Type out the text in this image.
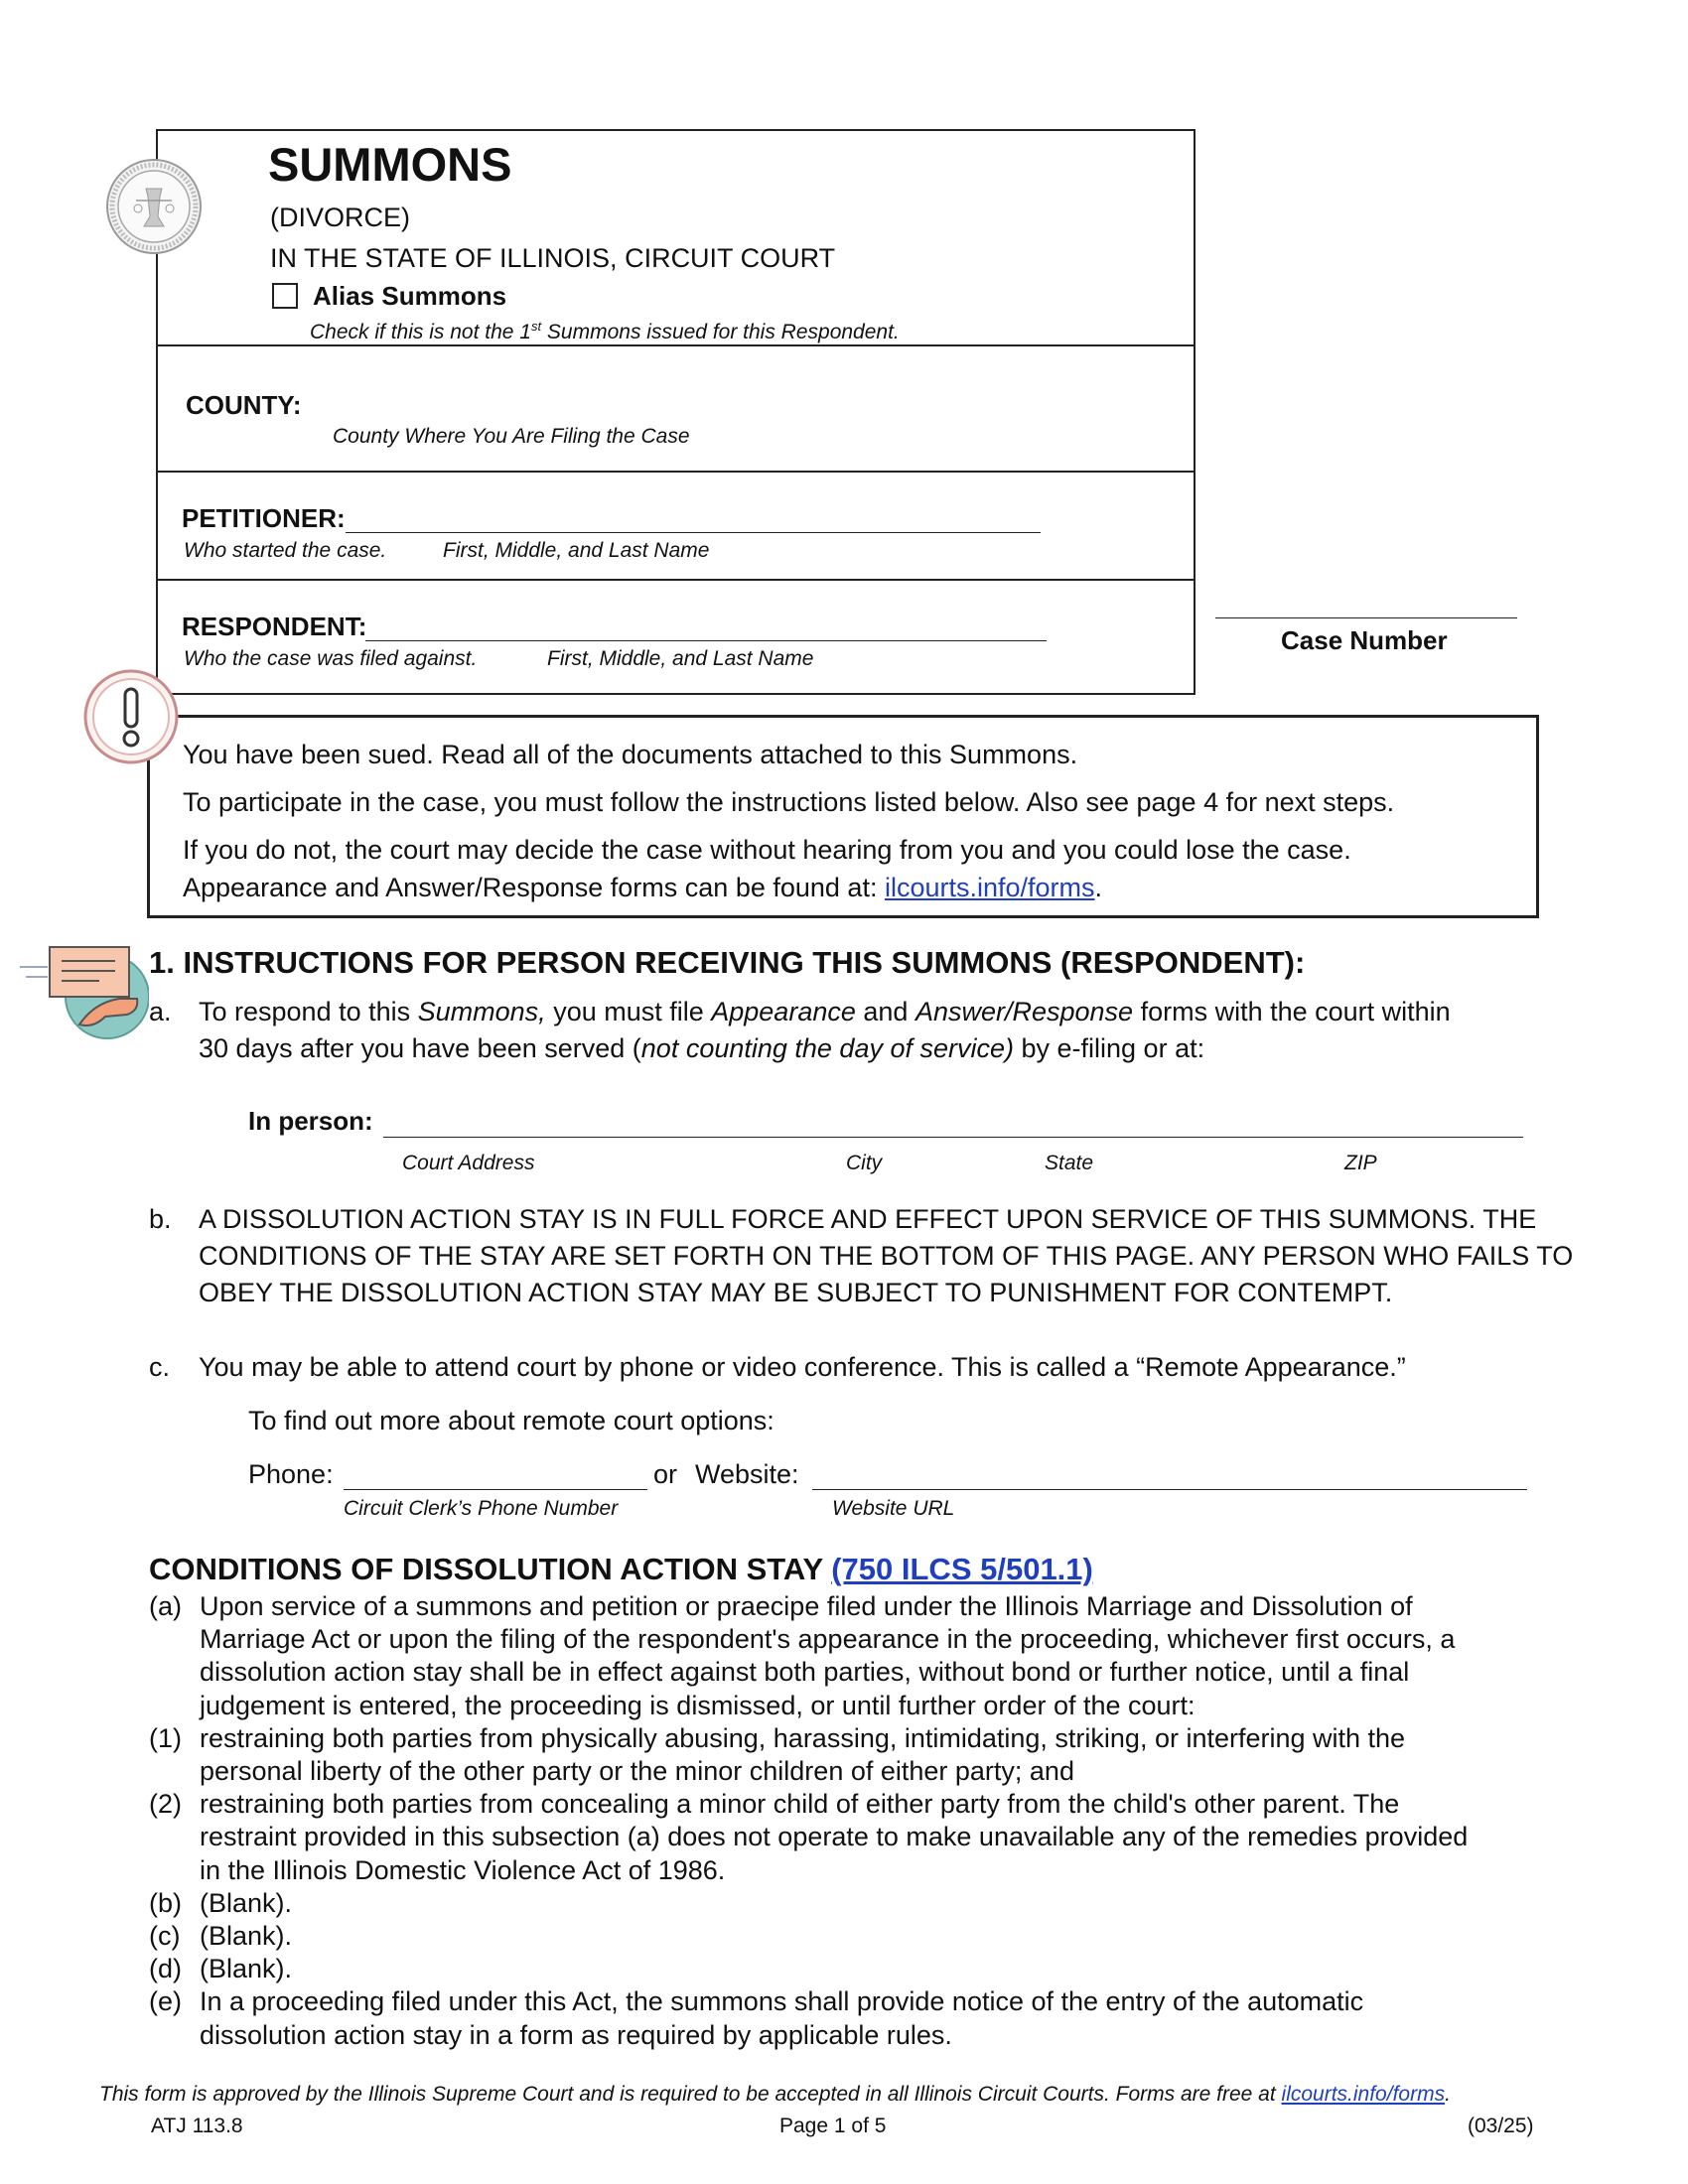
SUMMONS
(DIVORCE)
IN THE STATE OF ILLINOIS, CIRCUIT COURT
Alias Summons
Check if this is not the 1st Summons issued for this Respondent.
COUNTY:
County Where You Are Filing the Case
PETITIONER:
Who started the case.	First, Middle, and Last Name
RESPONDENT:
Who the case was filed against.	First, Middle, and Last Name
Case Number
You have been sued. Read all of the documents attached to this Summons.
To participate in the case, you must follow the instructions listed below. Also see page 4 for next steps.
If you do not, the court may decide the case without hearing from you and you could lose the case.
Appearance and Answer/Response forms can be found at: ilcourts.info/forms.
1. INSTRUCTIONS FOR PERSON RECEIVING THIS SUMMONS (RESPONDENT):
a. To respond to this Summons, you must file Appearance and Answer/Response forms with the court within
30 days after you have been served (not counting the day of service) by e-filing or at:
In person:
Court Address	City	State	ZIP
b. A DISSOLUTION ACTION STAY IS IN FULL FORCE AND EFFECT UPON SERVICE OF THIS SUMMONS. THE
CONDITIONS OF THE STAY ARE SET FORTH ON THE BOTTOM OF THIS PAGE. ANY PERSON WHO FAILS TO
OBEY THE DISSOLUTION ACTION STAY MAY BE SUBJECT TO PUNISHMENT FOR CONTEMPT.
c. You may be able to attend court by phone or video conference. This is called a “Remote Appearance.”
To find out more about remote court options:
Phone:	or Website:
Circuit Clerk’s Phone Number	Website URL
CONDITIONS OF DISSOLUTION ACTION STAY (750 ILCS 5/501.1)
(a) Upon service of a summons and petition or praecipe filed under the Illinois Marriage and Dissolution of
Marriage Act or upon the filing of the respondent's appearance in the proceeding, whichever first occurs, a
dissolution action stay shall be in effect against both parties, without bond or further notice, until a final
judgement is entered, the proceeding is dismissed, or until further order of the court:
(1) restraining both parties from physically abusing, harassing, intimidating, striking, or interfering with the
personal liberty of the other party or the minor children of either party; and
(2) restraining both parties from concealing a minor child of either party from the child's other parent. The
restraint provided in this subsection (a) does not operate to make unavailable any of the remedies provided
in the Illinois Domestic Violence Act of 1986.
(b) (Blank).
(c) (Blank).
(d) (Blank).
(e) In a proceeding filed under this Act, the summons shall provide notice of the entry of the automatic
dissolution action stay in a form as required by applicable rules.
This form is approved by the Illinois Supreme Court and is required to be accepted in all Illinois Circuit Courts. Forms are free at ilcourts.info/forms.
ATJ 113.8	Page 1 of 5	(03/25)
